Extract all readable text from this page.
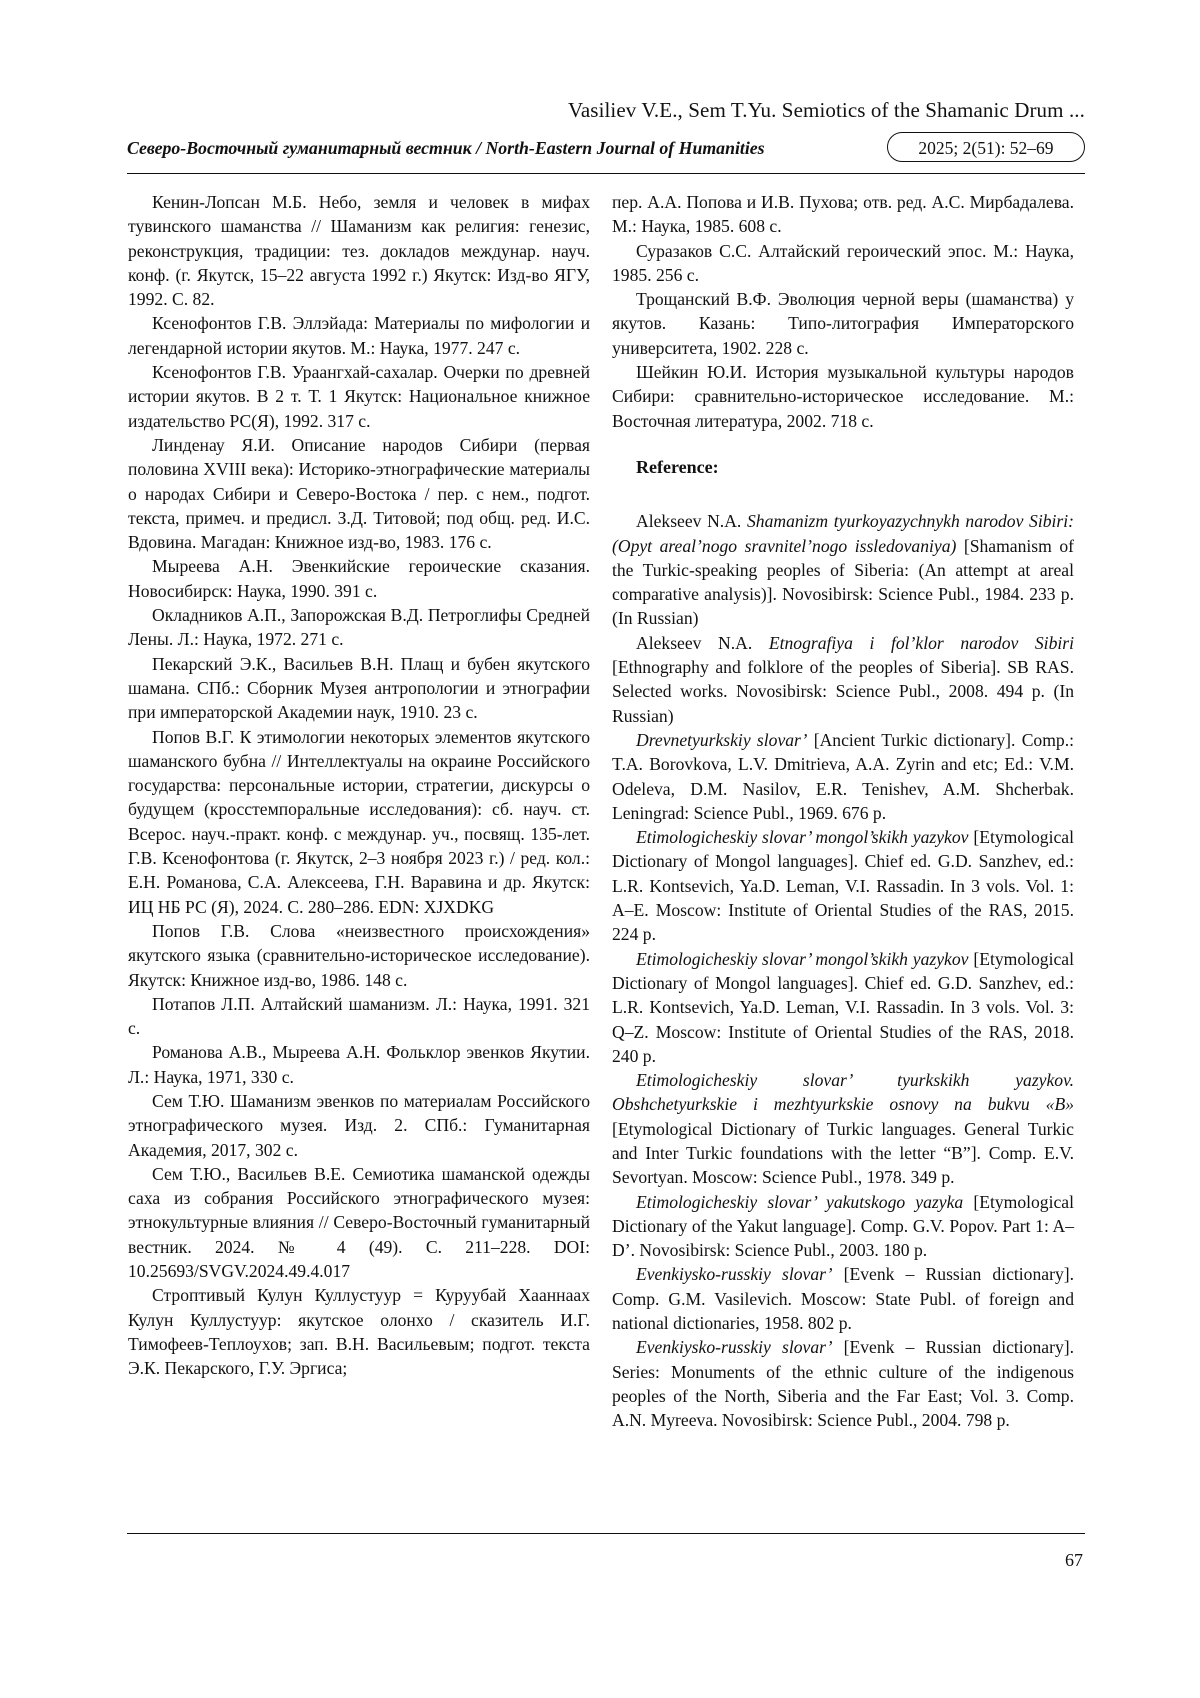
Vasiliev V.E., Sem T.Yu. Semiotics of the Shamanic Drum ...
Северо-Восточный гуманитарный вестник / North-Eastern Journal of Humanities	2025; 2(51): 52–69

Кенин-Лопсан М.Б. Небо, земля и человек в мифах тувинского шаманства // Шаманизм как религия: генезис, реконструкция, традиции: тез. докладов междунар. науч. конф. (г. Якутск, 15–22 августа 1992 г.) Якутск: Изд-во ЯГУ, 1992. С. 82.

Ксенофонтов Г.В. Эллэйада: Материалы по мифологии и легендарной истории якутов. М.: Наука, 1977. 247 с.

Ксенофонтов Г.В. Ураангхай-сахалар. Очерки по древней истории якутов. В 2 т. Т. 1 Якутск: Национальное книжное издательство РС(Я), 1992. 317 с.

Линденау Я.И. Описание народов Сибири (первая половина XVIII века): Историко-этнографические материалы о народах Сибири и Северо-Востока / пер. с нем., подгот. текста, примеч. и предисл. З.Д. Титовой; под общ. ред. И.С. Вдовина. Магадан: Книжное изд-во, 1983. 176 с.

Мыреева А.Н. Эвенкийские героические сказания. Новосибирск: Наука, 1990. 391 с.

Окладников А.П., Запорожская В.Д. Петроглифы Средней Лены. Л.: Наука, 1972. 271 с.

Пекарский Э.К., Васильев В.Н. Плащ и бубен якутского шамана. СПб.: Сборник Музея антропологии и этнографии при императорской Академии наук, 1910. 23 с.

Попов В.Г. К этимологии некоторых элементов якутского шаманского бубна // Интеллектуалы на окраине Российского государства: персональные истории, стратегии, дискурсы о будущем (кросстемпоральные исследования): сб. науч. ст. Всерос. науч.-практ. конф. с междунар. уч., посвящ. 135-лет. Г.В. Ксенофонтова (г. Якутск, 2–3 ноября 2023 г.) / ред. кол.: Е.Н. Романова, С.А. Алексеева, Г.Н. Варавина и др. Якутск: ИЦ НБ РС (Я), 2024. С. 280–286. EDN: XJXDKG

Попов Г.В. Слова «неизвестного происхождения» якутского языка (сравнительно-историческое исследование). Якутск: Книжное изд-во, 1986. 148 с.

Потапов Л.П. Алтайский шаманизм. Л.: Наука, 1991. 321 с.

Романова А.В., Мыреева А.Н. Фольклор эвенков Якутии. Л.: Наука, 1971, 330 с.

Сем Т.Ю. Шаманизм эвенков по материалам Российского этнографического музея. Изд. 2. СПб.: Гуманитарная Академия, 2017, 302 с.

Сем Т.Ю., Васильев В.Е. Семиотика шаманской одежды саха из собрания Российского этнографического музея: этнокультурные влияния // Северо-Восточный гуманитарный вестник. 2024. № 4 (49). С. 211–228. DOI: 10.25693/SVGV.2024.49.4.017

Строптивый Кулун Куллустуур = Куруубай Хааннаах Кулун Куллустуур: якутское олонхо / сказитель И.Г. Тимофеев-Теплоухов; зап. В.Н. Васильевым; подгот. текста Э.К. Пекарского, Г.У. Эргиса;

пер. А.А. Попова и И.В. Пухова; отв. ред. А.С. Мирбадалева. М.: Наука, 1985. 608 с.

Суразаков С.С. Алтайский героический эпос. М.: Наука, 1985. 256 с.

Трощанский В.Ф. Эволюция черной веры (шаманства) у якутов. Казань: Типо-литография Императорского университета, 1902. 228 с.

Шейкин Ю.И. История музыкальной культуры народов Сибири: сравнительно-историческое исследование. М.: Восточная литература, 2002. 718 с.

Reference:

Alekseev N.A. Shamanizm tyurkoyazychnykh narodov Sibiri: (Opyt areal’nogo sravnitel’nogo issledovaniya) [Shamanism of the Turkic-speaking peoples of Siberia: (An attempt at areal comparative analysis)]. Novosibirsk: Science Publ., 1984. 233 p. (In Russian)

Alekseev N.A. Etnografiya i fol’klor narodov Sibiri [Ethnography and folklore of the peoples of Siberia]. SB RAS. Selected works. Novosibirsk: Science Publ., 2008. 494 p. (In Russian)

Drevnetyurkskiy slovar’ [Ancient Turkic dictionary]. Comp.: T.A. Borovkova, L.V. Dmitrieva, A.A. Zyrin and etc; Ed.: V.M. Odeleva, D.M. Nasilov, E.R. Tenishev, A.M. Shcherbak. Leningrad: Science Publ., 1969. 676 p.

Etimologicheskiy slovar’ mongol’skikh yazykov [Etymological Dictionary of Mongol languages]. Chief ed. G.D. Sanzhev, ed.: L.R. Kontsevich, Ya.D. Leman, V.I. Rassadin. In 3 vols. Vol. 1: A–E. Moscow: Institute of Oriental Studies of the RAS, 2015. 224 p.

Etimologicheskiy slovar’ mongol’skikh yazykov [Etymological Dictionary of Mongol languages]. Chief ed. G.D. Sanzhev, ed.: L.R. Kontsevich, Ya.D. Leman, V.I. Rassadin. In 3 vols. Vol. 3: Q–Z. Moscow: Institute of Oriental Studies of the RAS, 2018. 240 p.

Etimologicheskiy slovar’ tyurkskikh yazykov. Obshchetyurkskie i mezhtyurkskie osnovy na bukvu «B» [Etymological Dictionary of Turkic languages. General Turkic and Inter Turkic foundations with the letter “B”]. Comp. E.V. Sevortyan. Moscow: Science Publ., 1978. 349 p.

Etimologicheskiy slovar’ yakutskogo yazyka [Etymological Dictionary of the Yakut language]. Comp. G.V. Popov. Part 1: A–D’. Novosibirsk: Science Publ., 2003. 180 p.

Evenkiysko-russkiy slovar’ [Evenk – Russian dictionary]. Comp. G.M. Vasilevich. Moscow: State Publ. of foreign and national dictionaries, 1958. 802 p.

Evenkiysko-russkiy slovar’ [Evenk – Russian dictionary]. Series: Monuments of the ethnic culture of the indigenous peoples of the North, Siberia and the Far East; Vol. 3. Comp. A.N. Myreeva. Novosibirsk: Science Publ., 2004. 798 p.

67
